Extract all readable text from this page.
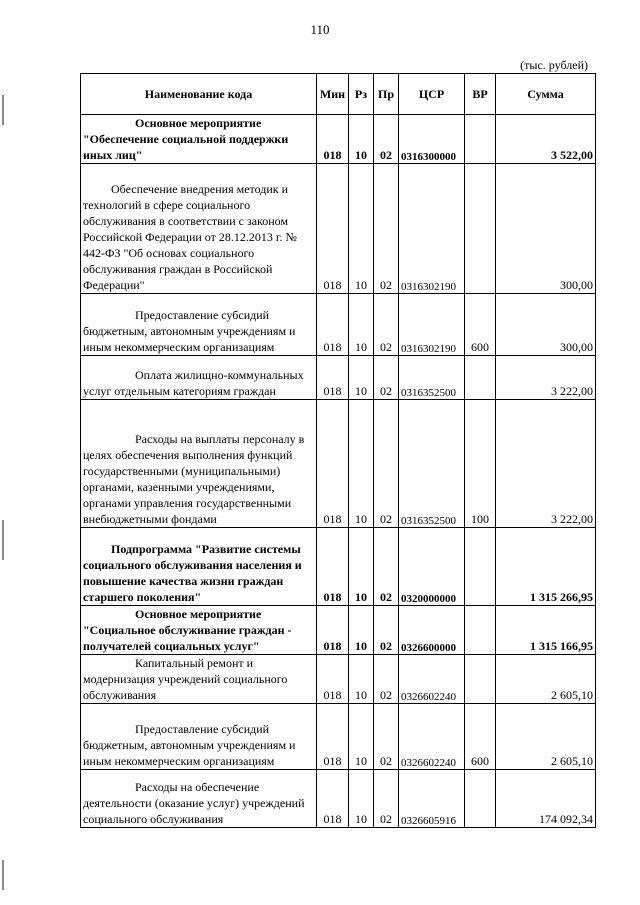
110
(тыс. рублей)
Наименование кода	Мин	Рз	Пр	ЦСР	ВР	Сумма
Основное мероприятие "Обеспечение социальной поддержки иных лиц"	018	10	02	0316300000		3 522,00
Обеспечение внедрения методик и технологий в сфере социального обслуживания в соответствии с законом Российской Федерации от 28.12.2013 г. № 442-ФЗ "Об основах социального обслуживания граждан в Российской Федерации"	018	10	02	0316302190		300,00
Предоставление субсидий бюджетным, автономным учреждениям и иным некоммерческим организациям	018	10	02	0316302190	600	300,00
Оплата жилищно-коммунальных услуг отдельным категориям граждан	018	10	02	0316352500		3 222,00
Расходы на выплаты персоналу в целях обеспечения выполнения функций государственными (муниципальными) органами, казенными учреждениями, органами управления государственными внебюджетными фондами	018	10	02	0316352500	100	3 222,00
Подпрограмма "Развитие системы социального обслуживания населения и повышение качества жизни граждан старшего поколения"	018	10	02	0320000000		1 315 266,95
Основное мероприятие "Социальное обслуживание граждан - получателей социальных услуг"	018	10	02	0326600000		1 315 166,95
Капитальный ремонт и модернизация учреждений социального обслуживания	018	10	02	0326602240		2 605,10
Предоставление субсидий бюджетным, автономным учреждениям и иным некоммерческим организациям	018	10	02	0326602240	600	2 605,10
Расходы на обеспечение деятельности (оказание услуг) учреждений социального обслуживания	018	10	02	0326605916		174 092,34
